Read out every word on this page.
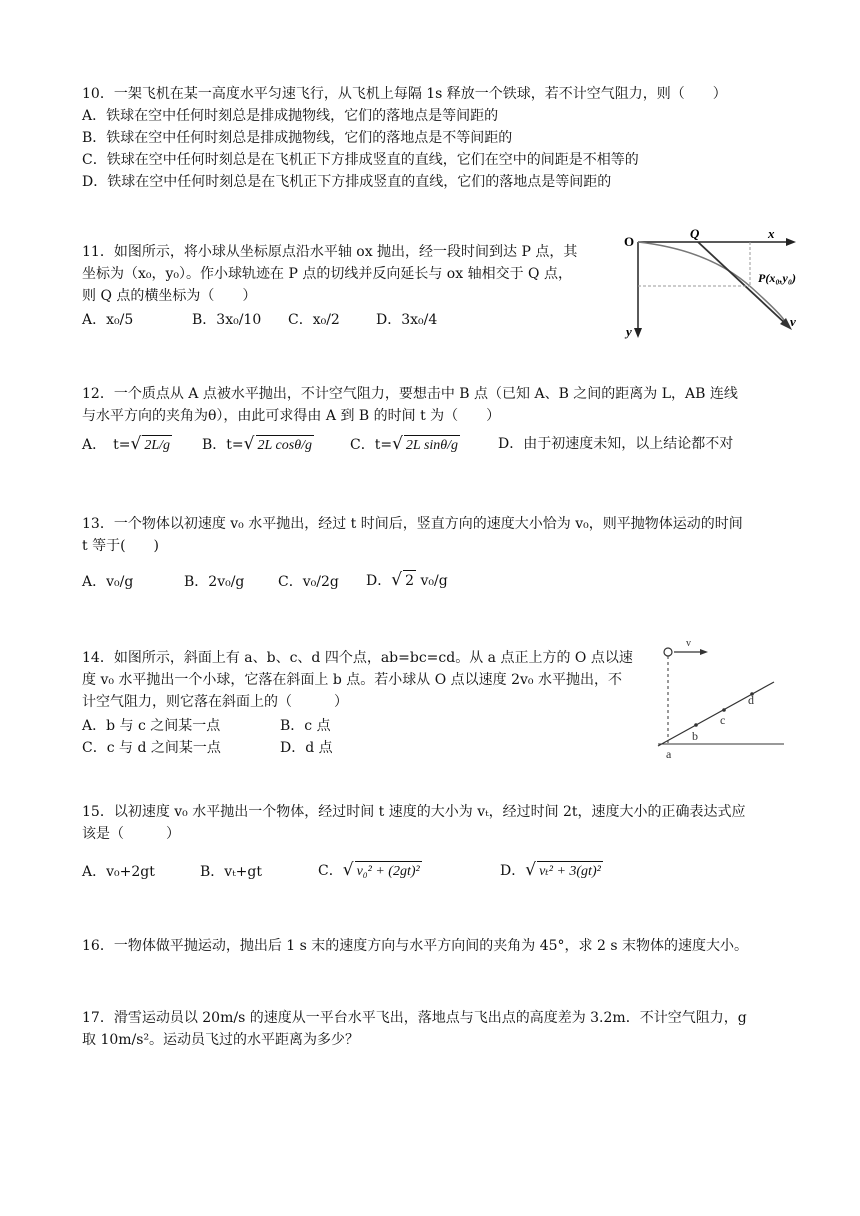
10．一架飞机在某一高度水平匀速飞行，从飞机上每隔 1s 释放一个铁球，若不计空气阻力，则（　　）
A．铁球在空中任何时刻总是排成抛物线，它们的落地点是等间距的
B．铁球在空中任何时刻总是排成抛物线，它们的落地点是不等间距的
C．铁球在空中任何时刻总是在飞机正下方排成竖直的直线，它们在空中的间距是不相等的
D．铁球在空中任何时刻总是在飞机正下方排成竖直的直线，它们的落地点是等间距的
11．如图所示，将小球从坐标原点沿水平轴 ox 抛出，经一段时间到达 P 点，其
坐标为（x₀，y₀）。作小球轨迹在 P 点的切线并反向延长与 ox 轴相交于 Q 点，
则 Q 点的横坐标为（　　）
A．x₀/5	B．3x₀/10 C．x₀/2	D．3x₀/4
O
Q	x
P(x₀,y₀)
y
v
12．一个质点从 A 点被水平抛出，不计空气阻力，要想击中 B 点（已知 A、B 之间的距离为 L，AB 连线
与水平方向的夹角为θ），由此可求得由 A 到 B 的时间 t 为（　　）
A．　t=√ 2L/g B．t=√ 2L cosθ/g	C．t=√ 2L sinθ/g	D．由于初速度未知，以上结论都不对
13．一个物体以初速度 v₀ 水平抛出，经过 t 时间后，竖直方向的速度大小恰为 v₀，则平抛物体运动的时间
t 等于(　　)
A．v₀/g	B．2v₀/g C．v₀/2g D．√ 2 v₀/g
14．如图所示，斜面上有 a、b、c、d 四个点，ab=bc=cd。从 a 点正上方的 O 点以速
度 v₀ 水平抛出一个小球，它落在斜面上 b 点。若小球从 O 点以速度 2v₀ 水平抛出，不
计空气阻力，则它落在斜面上的（　　　）
A．b 与 c 之间某一点	B．c 点
C．c 与 d 之间某一点	D．d 点
v
a
b
c
d
15．以初速度 v₀ 水平抛出一个物体，经过时间 t 速度的大小为 vₜ，经过时间 2t，速度大小的正确表达式应
该是（　　　）
A．v₀+2gt	B．vₜ+gt	C．√ v₀² + (2gt)²	D．√ vₜ² + 3(gt)²
16．一物体做平抛运动，抛出后 1 s 末的速度方向与水平方向间的夹角为 45°，求 2 s 末物体的速度大小。
17．滑雪运动员以 20m/s 的速度从一平台水平飞出，落地点与飞出点的高度差为 3.2m．不计空气阻力，g
取 10m/s²。运动员飞过的水平距离为多少？
